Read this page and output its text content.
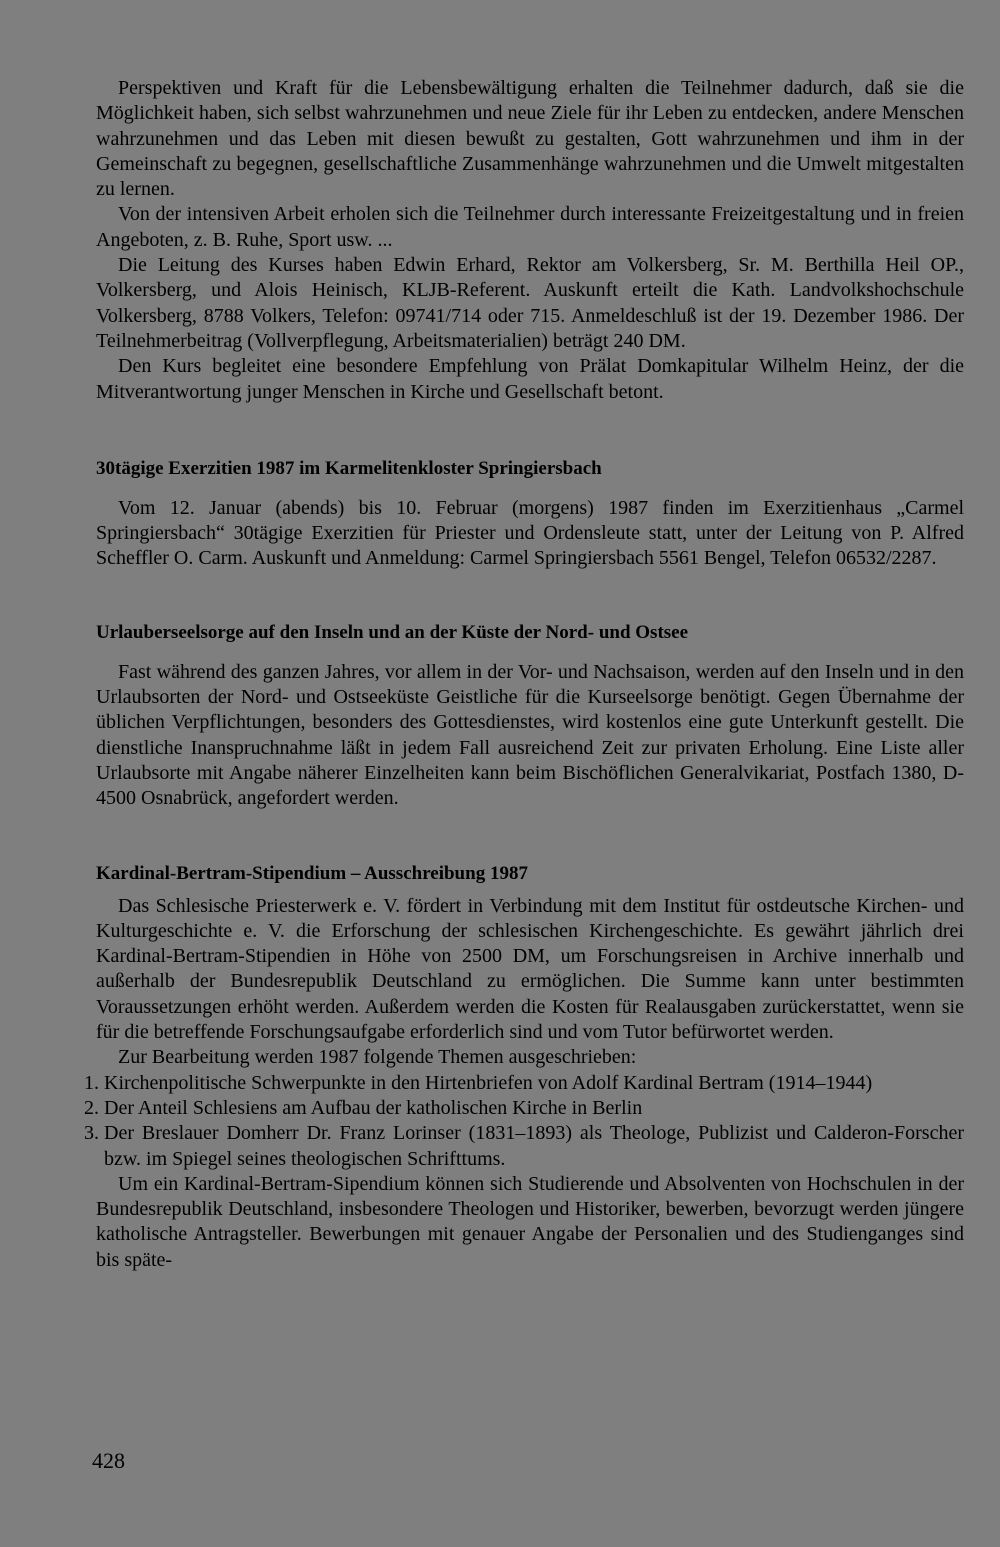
Perspektiven und Kraft für die Lebensbewältigung erhalten die Teilnehmer dadurch, daß sie die Möglichkeit haben, sich selbst wahrzunehmen und neue Ziele für ihr Leben zu entdecken, andere Menschen wahrzunehmen und das Leben mit diesen bewußt zu gestalten, Gott wahrzunehmen und ihm in der Gemeinschaft zu begegnen, gesellschaftliche Zusammenhänge wahrzunehmen und die Umwelt mitgestalten zu lernen.

Von der intensiven Arbeit erholen sich die Teilnehmer durch interessante Freizeitgestaltung und in freien Angeboten, z. B. Ruhe, Sport usw. ...

Die Leitung des Kurses haben Edwin Erhard, Rektor am Volkersberg, Sr. M. Berthilla Heil OP., Volkersberg, und Alois Heinisch, KLJB-Referent. Auskunft erteilt die Kath. Landvolkshochschule Volkersberg, 8788 Volkers, Telefon: 09741/714 oder 715. Anmeldeschluß ist der 19. Dezember 1986. Der Teilnehmerbeitrag (Vollverpflegung, Arbeitsmaterialien) beträgt 240 DM.

Den Kurs begleitet eine besondere Empfehlung von Prälat Domkapitular Wilhelm Heinz, der die Mitverantwortung junger Menschen in Kirche und Gesellschaft betont.

30tägige Exerzitien 1987 im Karmelitenkloster Springiersbach

Vom 12. Januar (abends) bis 10. Februar (morgens) 1987 finden im Exerzitienhaus „Carmel Springiersbach“ 30tägige Exerzitien für Priester und Ordensleute statt, unter der Leitung von P. Alfred Scheffler O. Carm. Auskunft und Anmeldung: Carmel Springiersbach 5561 Bengel, Telefon 06532/2287.

Urlauberseelsorge auf den Inseln und an der Küste der Nord- und Ostsee

Fast während des ganzen Jahres, vor allem in der Vor- und Nachsaison, werden auf den Inseln und in den Urlaubsorten der Nord- und Ostseeküste Geistliche für die Kurseelsorge benötigt. Gegen Übernahme der üblichen Verpflichtungen, besonders des Gottesdienstes, wird kostenlos eine gute Unterkunft gestellt. Die dienstliche Inanspruchnahme läßt in jedem Fall ausreichend Zeit zur privaten Erholung. Eine Liste aller Urlaubsorte mit Angabe näherer Einzelheiten kann beim Bischöflichen Generalvikariat, Postfach 1380, D-4500 Osnabrück, angefordert werden.

Kardinal-Bertram-Stipendium – Ausschreibung 1987

Das Schlesische Priesterwerk e. V. fördert in Verbindung mit dem Institut für ostdeutsche Kirchen- und Kulturgeschichte e. V. die Erforschung der schlesischen Kirchengeschichte. Es gewährt jährlich drei Kardinal-Bertram-Stipendien in Höhe von 2500 DM, um Forschungsreisen in Archive innerhalb und außerhalb der Bundesrepublik Deutschland zu ermöglichen. Die Summe kann unter bestimmten Voraussetzungen erhöht werden. Außerdem werden die Kosten für Realausgaben zurückerstattet, wenn sie für die betreffende Forschungsaufgabe erforderlich sind und vom Tutor befürwortet werden.

Zur Bearbeitung werden 1987 folgende Themen ausgeschrieben:

1. Kirchenpolitische Schwerpunkte in den Hirtenbriefen von Adolf Kardinal Bertram (1914–1944)
2. Der Anteil Schlesiens am Aufbau der katholischen Kirche in Berlin
3. Der Breslauer Domherr Dr. Franz Lorinser (1831–1893) als Theologe, Publizist und Calderon-Forscher bzw. im Spiegel seines theologischen Schrifttums.

Um ein Kardinal-Bertram-Sipendium können sich Studierende und Absolventen von Hochschulen in der Bundesrepublik Deutschland, insbesondere Theologen und Historiker, bewerben, bevorzugt werden jüngere katholische Antragsteller. Bewerbungen mit genauer Angabe der Personalien und des Studienganges sind bis späte-

428
